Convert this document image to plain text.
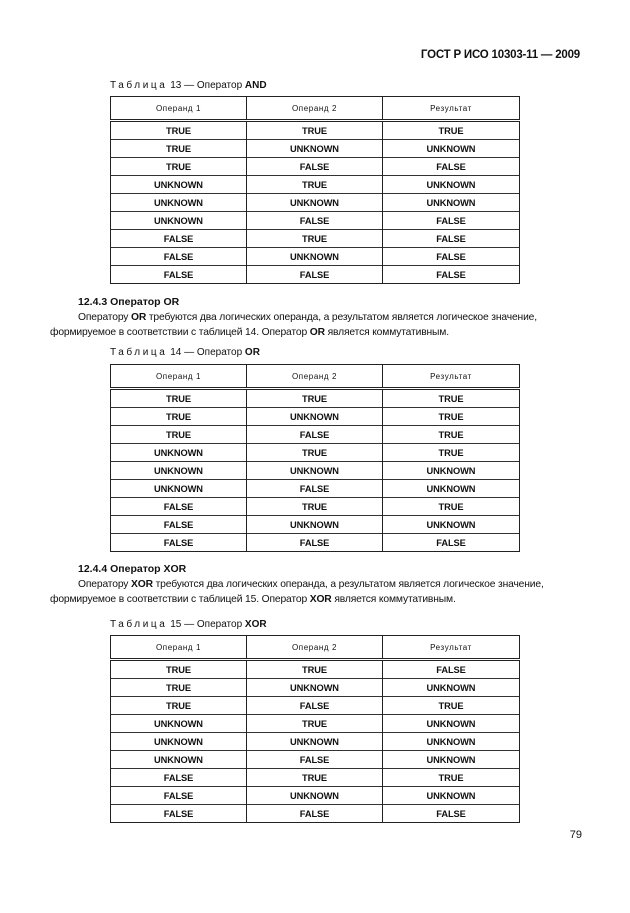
ГОСТ Р ИСО 10303-11 — 2009
Таблица 13 — Оператор AND
Операнд 1	Операнд 2	Результат
TRUE	TRUE	TRUE
TRUE	UNKNOWN	UNKNOWN
TRUE	FALSE	FALSE
UNKNOWN	TRUE	UNKNOWN
UNKNOWN	UNKNOWN	UNKNOWN
UNKNOWN	FALSE	FALSE
FALSE	TRUE	FALSE
FALSE	UNKNOWN	FALSE
FALSE	FALSE	FALSE
12.4.3 Оператор OR
Оператору OR требуются два логических операнда, а результатом является логическое значение,
формируемое в соответствии с таблицей 14. Оператор OR является коммутативным.
Таблица 14 — Оператор OR
Операнд 1	Операнд 2	Результат
TRUE	TRUE	TRUE
TRUE	UNKNOWN	TRUE
TRUE	FALSE	TRUE
UNKNOWN	TRUE	TRUE
UNKNOWN	UNKNOWN	UNKNOWN
UNKNOWN	FALSE	UNKNOWN
FALSE	TRUE	TRUE
FALSE	UNKNOWN	UNKNOWN
FALSE	FALSE	FALSE
12.4.4 Оператор XOR
Оператору XOR требуются два логических операнда, а результатом является логическое значение,
формируемое в соответствии с таблицей 15. Оператор XOR является коммутативным.
Таблица 15 — Оператор XOR
Операнд 1	Операнд 2	Результат
TRUE	TRUE	FALSE
TRUE	UNKNOWN	UNKNOWN
TRUE	FALSE	TRUE
UNKNOWN	TRUE	UNKNOWN
UNKNOWN	UNKNOWN	UNKNOWN
UNKNOWN	FALSE	UNKNOWN
FALSE	TRUE	TRUE
FALSE	UNKNOWN	UNKNOWN
FALSE	FALSE	FALSE
79
